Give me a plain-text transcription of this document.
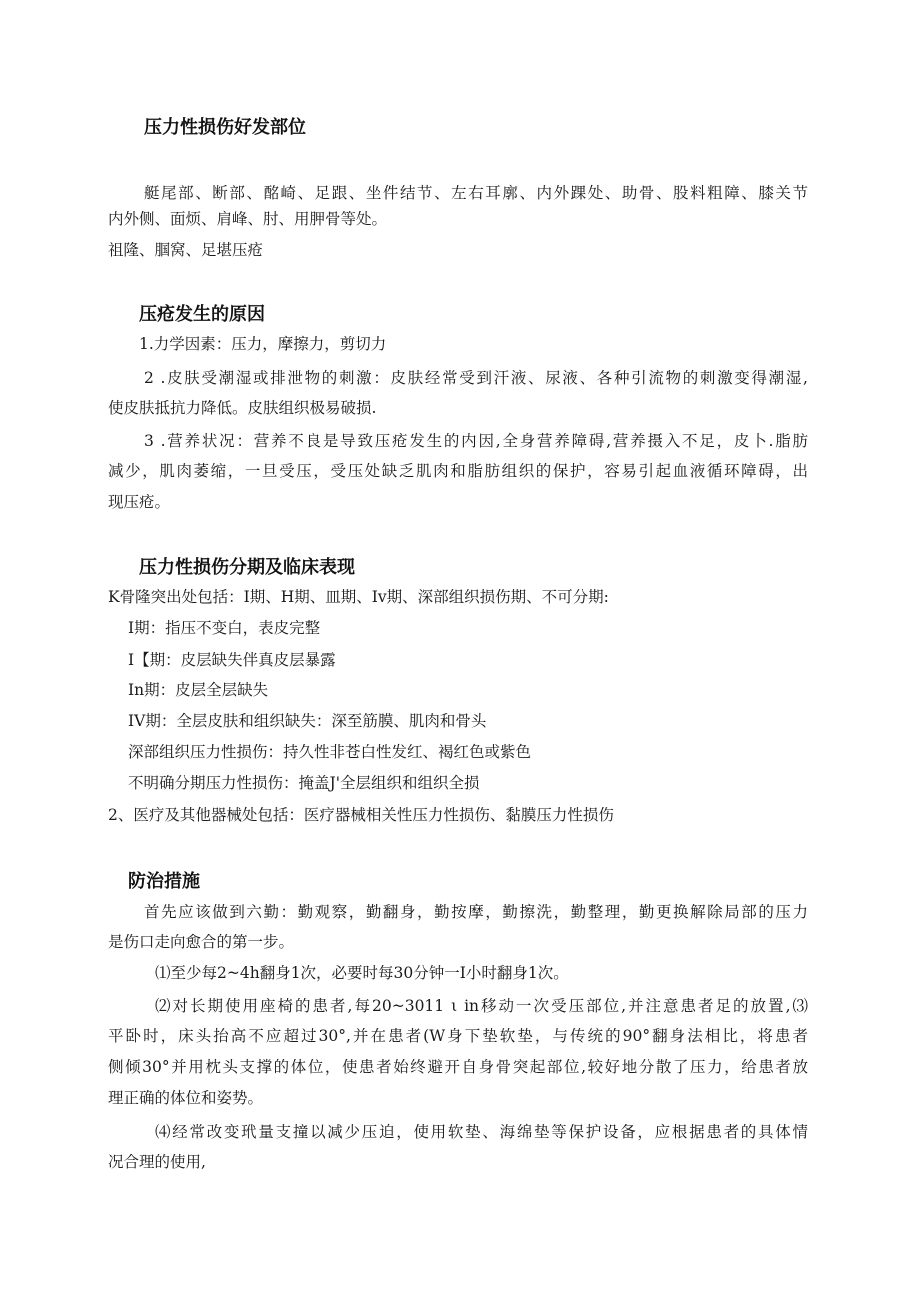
压力性损伤好发部位
艇尾部、断部、酩崎、足跟、坐件结节、左右耳廓、内外踝处、助骨、股料粗障、膝关节
内外侧、面烦、肩峰、肘、用胛骨等处。
祖隆、腘窝、足堪压疮
压疮发生的原因
1.力学因素：压力，摩擦力，剪切力
2 .皮肤受潮湿或排泄物的刺激：皮肤经常受到汗液、尿液、各种引流物的刺激变得潮湿,
使皮肤抵抗力降低。皮肤组织极易破损.
3 .营养状况：营养不良是导致压疮发生的内因,全身营养障碍,营养摄入不足，皮卜.脂肪
减少，肌肉萎缩，一旦受压，受压处缺乏肌肉和脂肪组织的保护，容易引起血液循环障碍，出
现压疮。
压力性损伤分期及临床表现
K骨隆突出处包括：I期、H期、皿期、Iv期、深部组织损伤期、不可分期:
I期：指压不变白，表皮完整
I【期：皮层缺失伴真皮层暴露
In期：皮层全层缺失
IV期：全层皮肤和组织缺失：深至筋膜、肌肉和骨头
深部组织压力性损伤：持久性非苍白性发红、褐红色或紫色
不明确分期压力性损伤：掩盖J'全层组织和组织全损
2、医疗及其他器械处包括：医疗器械相关性压力性损伤、黏膜压力性损伤
防治措施
首先应该做到六勤：勤观察，勤翻身，勤按摩，勤擦洗，勤整理，勤更换解除局部的压力
是伤口走向愈合的第一步。
⑴至少每2~4h翻身1次，必要时每30分钟一I小时翻身1次。
⑵对长期使用座椅的患者,每20~3011 ι in移动一次受压部位,并注意患者足的放置,⑶
平卧时，床头抬高不应超过30°,并在患者(W身下垫软垫，与传统的90°翻身法相比，将患者
侧倾30°并用枕头支撑的体位，使患者始终避开自身骨突起部位,较好地分散了压力，给患者放
理正确的体位和姿势。
⑷经常改变玳量支撞以减少压迫，使用软垫、海绵垫等保护设备，应根据患者的具体情
况合理的使用,
